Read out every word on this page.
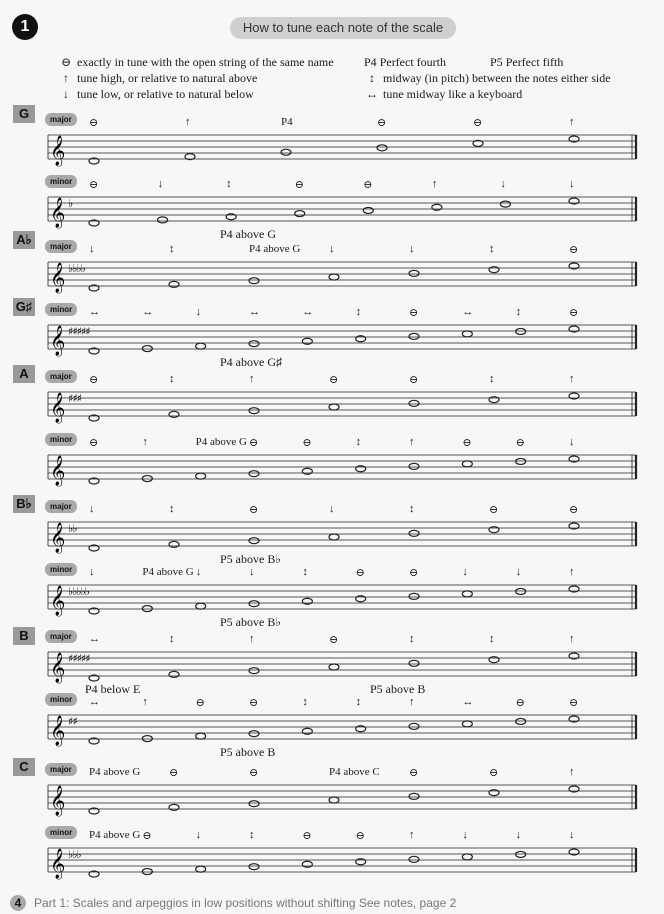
1	How to tune each note of the scale
⊖ exactly in tune with the open string of the same name
↑ tune high, or relative to natural above
↓ tune low, or relative to natural below
P4 Perfect fourth	P5 Perfect fifth
↕ midway (in pitch) between the notes either side
↔ tune midway like a keyboard
G	major
𝄞
⊖	↑	P4	⊖	⊖	↑
minor
𝄞 ♭
⊖	↓	↕	⊖	⊖	↑	↓	↓
P4 above G
A♭	major
𝄞 ♭♭♭♭
↓	↕	P4 above G	↓	↓	↕	⊖
G♯	minor
𝄞 ♯♯♯♯♯
↔	↔	↓	↔	↔	↕	⊖	↔	↕	⊖
P4 above G♯
A	major
𝄞 ♯♯♯
⊖	↕	↑	⊖	⊖	↕	↑
minor
𝄞
⊖	↑	P4 above G ⊖	⊖	↕	↑	⊖	⊖	↓
B♭	major
𝄞 ♭♭
↓	↕	⊖	↓	↕	⊖	⊖
P5 above B♭
minor
𝄞 ♭♭♭♭♭
↓	P4 above G ↓	↓	↕	⊖	⊖	↓	↓	↑
P5 above B♭
B	major
𝄞 ♯♯♯♯♯
↔	↕	↑	⊖	↕	↕	↑
P4 below E	P5 above B
minor
𝄞 ♯♯
↔	↑	⊖	⊖	↕	↕	↑	↔	⊖	⊖
P5 above B
C	major
𝄞
P4 above G	⊖	⊖	P4 above C	⊖	⊖	↑
minor
𝄞 ♭♭♭
P4 above G ⊖	↓	↕	⊖	⊖	↑	↓	↓	↓
4 Part 1: Scales and arpeggios in low positions without shifting See notes, page 2
